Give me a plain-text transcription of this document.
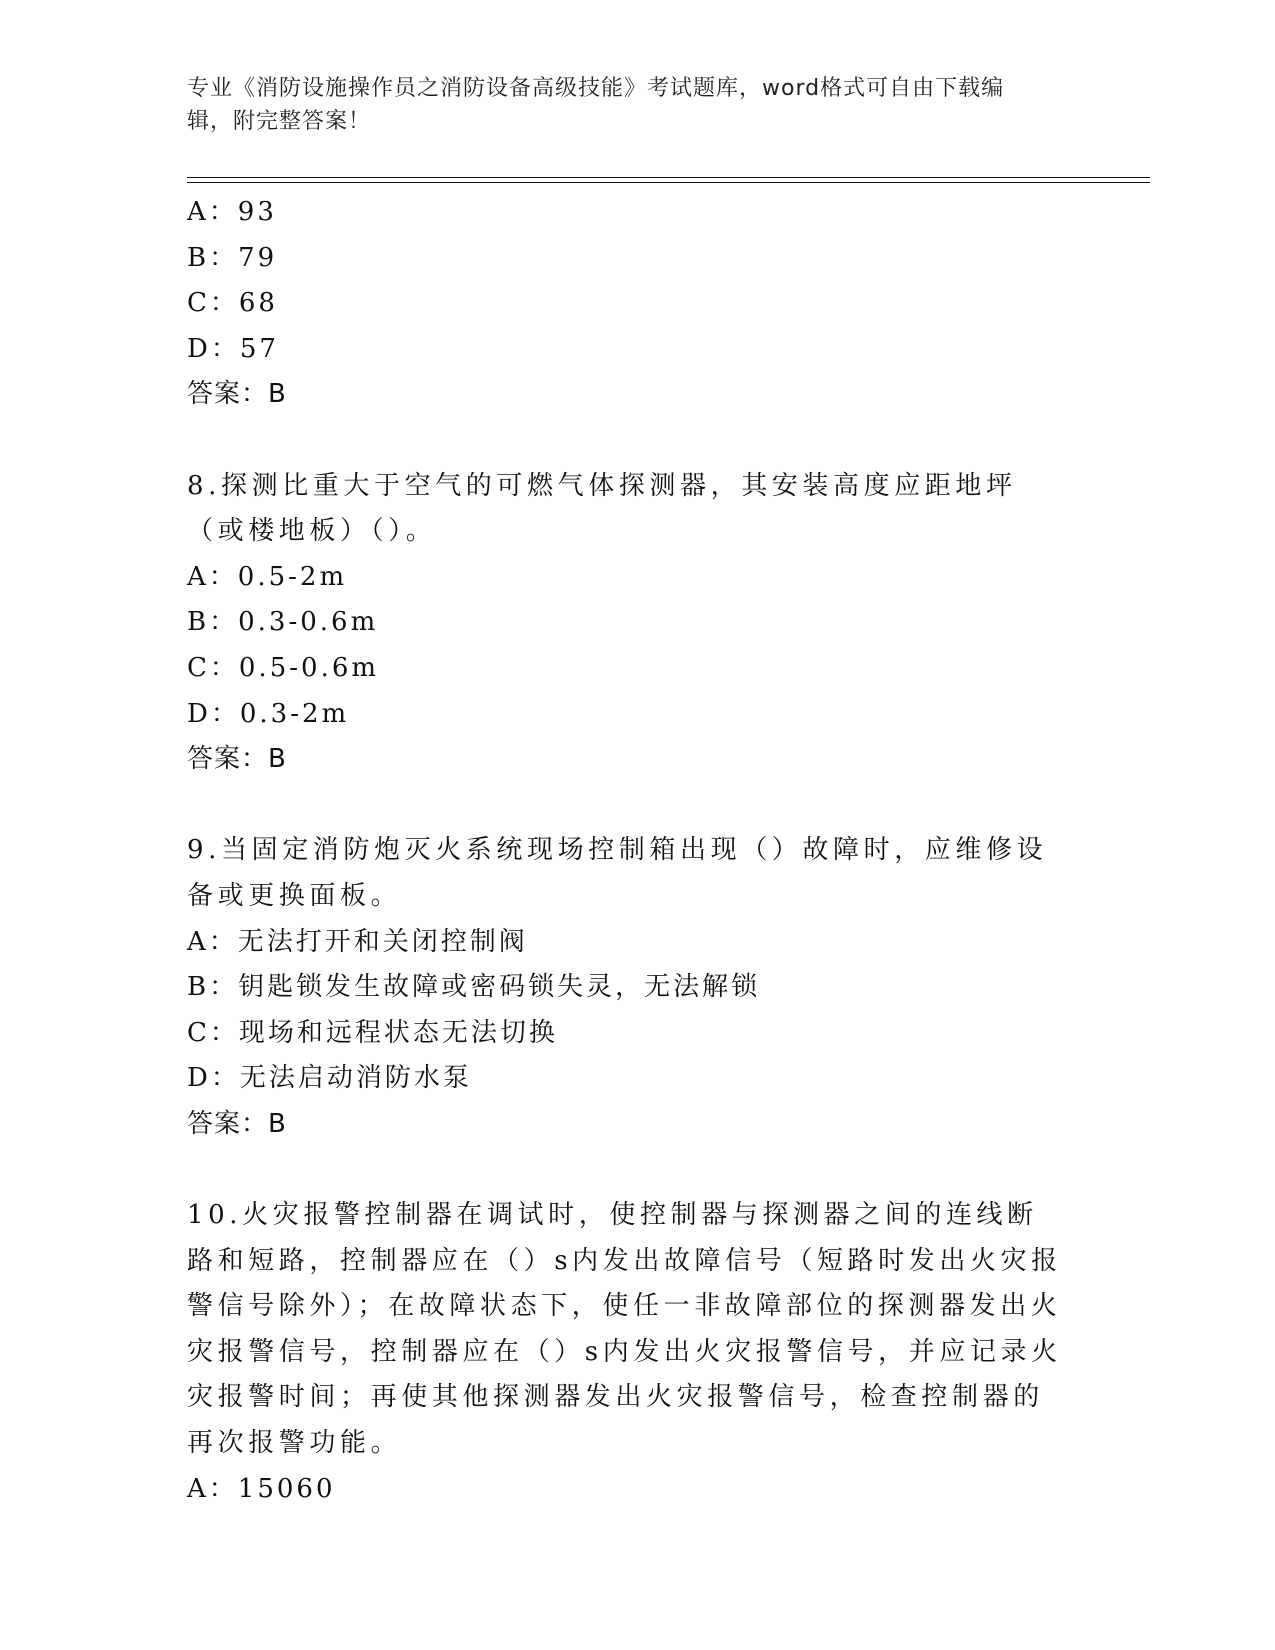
专业《消防设施操作员之消防设备高级技能》考试题库，word格式可自由下载编
辑，附完整答案！
A：93
B：79
C：68
D：57
答案：B
8.探测比重大于空气的可燃气体探测器，其安装高度应距地坪（或楼地板）（）。
A：0.5-2m
B：0.3-0.6m
C：0.5-0.6m
D：0.3-2m
答案：B
9.当固定消防炮灭火系统现场控制箱出现（）故障时，应维修设备或更换面板。
A：无法打开和关闭控制阀
B：钥匙锁发生故障或密码锁失灵，无法解锁
C：现场和远程状态无法切换
D：无法启动消防水泵
答案：B
10.火灾报警控制器在调试时，使控制器与探测器之间的连线断路和短路，控制器应在（）s内发出故障信号（短路时发出火灾报警信号除外）；在故障状态下，使任一非故障部位的探测器发出火灾报警信号，控制器应在（）s内发出火灾报警信号，并应记录火灾报警时间；再使其他探测器发出火灾报警信号，检查控制器的再次报警功能。
A：15060
